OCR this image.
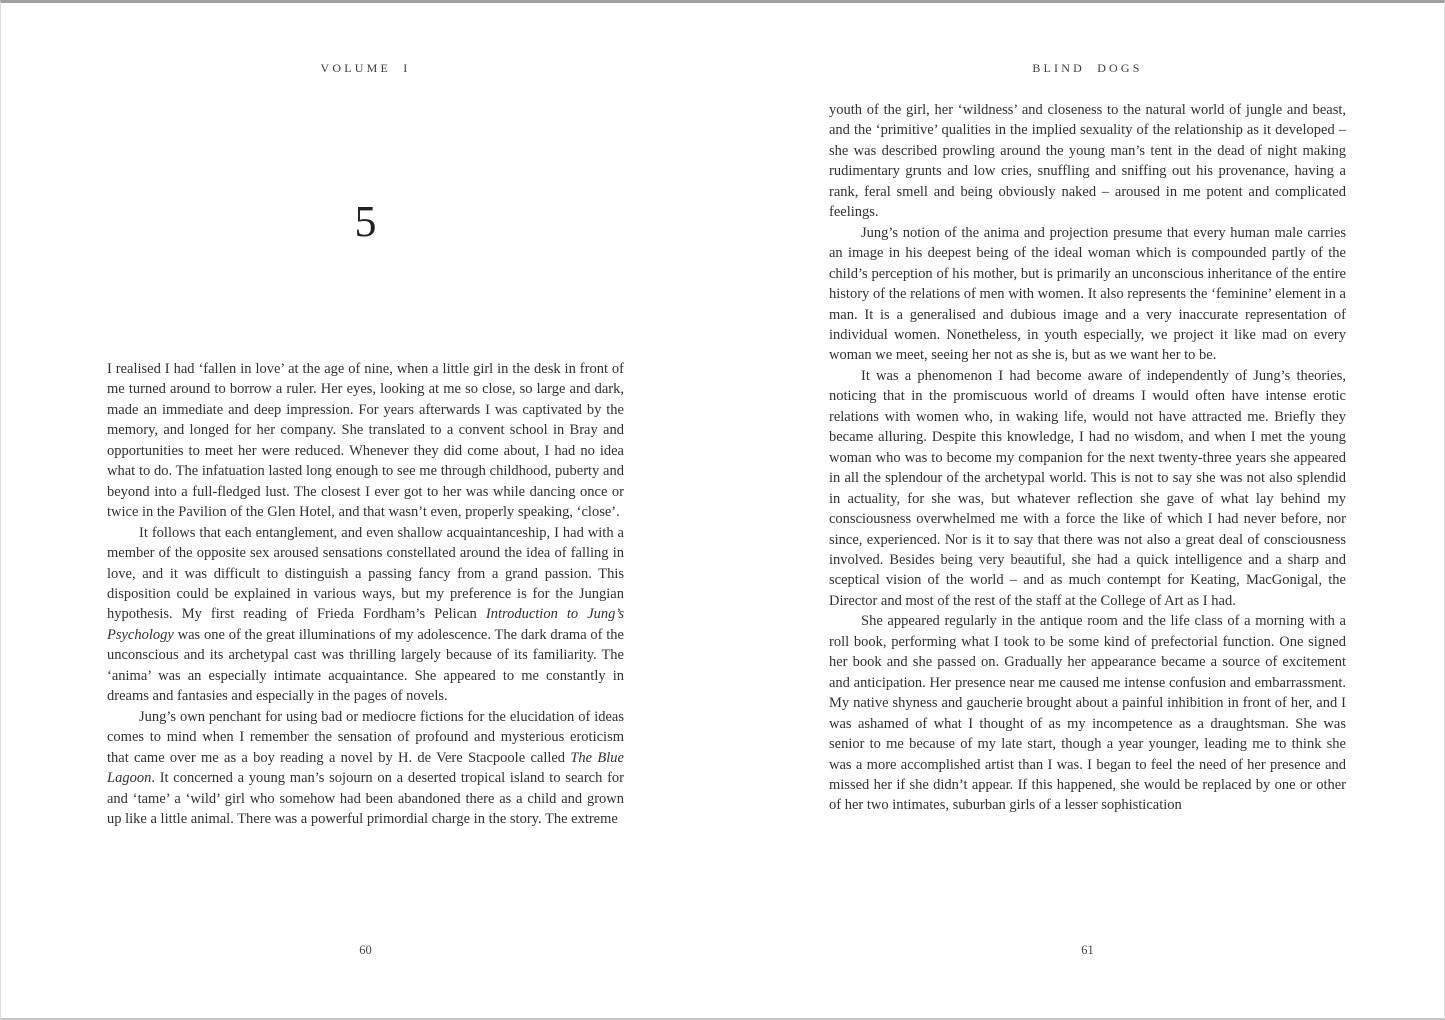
VOLUME I
5

I realised I had ‘fallen in love’ at the age of nine, when a little girl in the desk in front of me turned around to borrow a ruler. Her eyes, looking at me so close, so large and dark, made an immediate and deep impression. For years afterwards I was captivated by the memory, and longed for her company. She translated to a convent school in Bray and opportunities to meet her were reduced. Whenever they did come about, I had no idea what to do. The infatuation lasted long enough to see me through childhood, puberty and beyond into a full-fledged lust. The closest I ever got to her was while dancing once or twice in the Pavilion of the Glen Hotel, and that wasn’t even, properly speaking, ‘close’.

It follows that each entanglement, and even shallow acquaintanceship, I had with a member of the opposite sex aroused sensations constellated around the idea of falling in love, and it was difficult to distinguish a passing fancy from a grand passion. This disposition could be explained in various ways, but my preference is for the Jungian hypothesis. My first reading of Frieda Fordham’s Pelican Introduction to Jung’s Psychology was one of the great illuminations of my adolescence. The dark drama of the unconscious and its archetypal cast was thrilling largely because of its familiarity. The ‘anima’ was an especially intimate acquaintance. She appeared to me constantly in dreams and fantasies and especially in the pages of novels.

Jung’s own penchant for using bad or mediocre fictions for the elucidation of ideas comes to mind when I remember the sensation of profound and mysterious eroticism that came over me as a boy reading a novel by H. de Vere Stacpoole called The Blue Lagoon. It concerned a young man’s sojourn on a deserted tropical island to search for and ‘tame’ a ‘wild’ girl who somehow had been abandoned there as a child and grown up like a little animal. There was a powerful primordial charge in the story. The extreme

60
BLIND DOGS

youth of the girl, her ‘wildness’ and closeness to the natural world of jungle and beast, and the ‘primitive’ qualities in the implied sexuality of the relationship as it developed – she was described prowling around the young man’s tent in the dead of night making rudimentary grunts and low cries, snuffling and sniffing out his provenance, having a rank, feral smell and being obviously naked – aroused in me potent and complicated feelings.

Jung’s notion of the anima and projection presume that every human male carries an image in his deepest being of the ideal woman which is compounded partly of the child’s perception of his mother, but is primarily an unconscious inheritance of the entire history of the relations of men with women. It also represents the ‘feminine’ element in a man. It is a generalised and dubious image and a very inaccurate representation of individual women. Nonetheless, in youth especially, we project it like mad on every woman we meet, seeing her not as she is, but as we want her to be.

It was a phenomenon I had become aware of independently of Jung’s theories, noticing that in the promiscuous world of dreams I would often have intense erotic relations with women who, in waking life, would not have attracted me. Briefly they became alluring. Despite this knowledge, I had no wisdom, and when I met the young woman who was to become my companion for the next twenty-three years she appeared in all the splendour of the archetypal world. This is not to say she was not also splendid in actuality, for she was, but whatever reflection she gave of what lay behind my consciousness overwhelmed me with a force the like of which I had never before, nor since, experienced. Nor is it to say that there was not also a great deal of consciousness involved. Besides being very beautiful, she had a quick intelligence and a sharp and sceptical vision of the world – and as much contempt for Keating, MacGonigal, the Director and most of the rest of the staff at the College of Art as I had.

She appeared regularly in the antique room and the life class of a morning with a roll book, performing what I took to be some kind of prefectorial function. One signed her book and she passed on. Gradually her appearance became a source of excitement and anticipation. Her presence near me caused me intense confusion and embarrassment. My native shyness and gaucherie brought about a painful inhibition in front of her, and I was ashamed of what I thought of as my incompetence as a draughtsman. She was senior to me because of my late start, though a year younger, leading me to think she was a more accomplished artist than I was. I began to feel the need of her presence and missed her if she didn’t appear. If this happened, she would be replaced by one or other of her two intimates, suburban girls of a lesser sophistication

61
